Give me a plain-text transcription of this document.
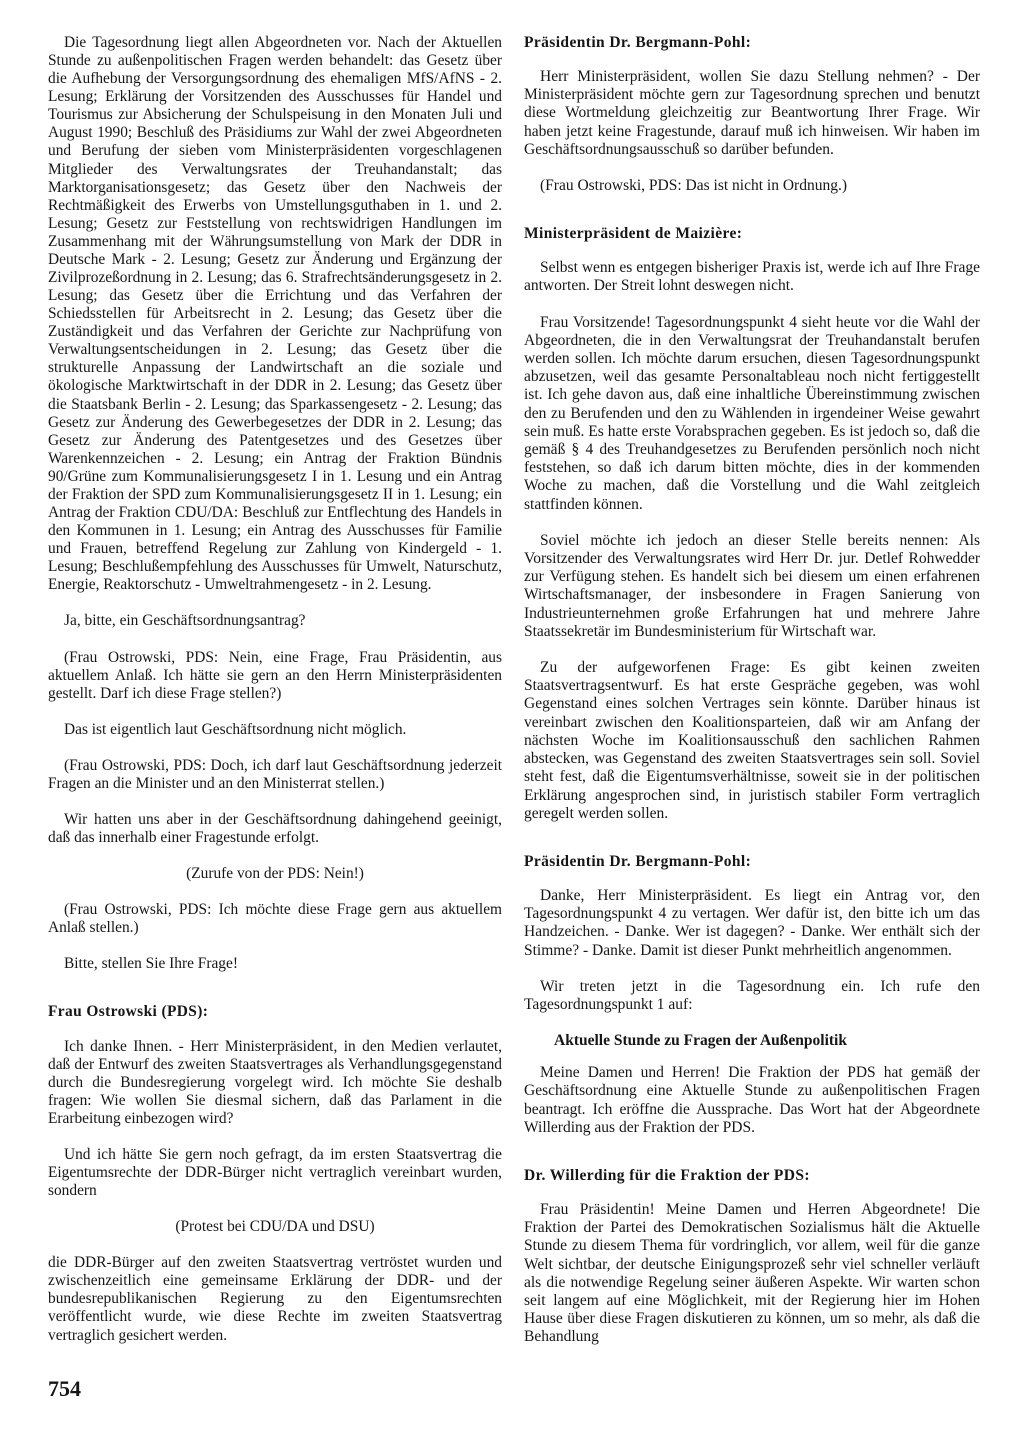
Die Tagesordnung liegt allen Abgeordneten vor. Nach der Aktuellen Stunde zu außenpolitischen Fragen werden behandelt: das Gesetz über die Aufhebung der Versorgungsordnung des ehemaligen MfS/AfNS - 2. Lesung; Erklärung der Vorsitzenden des Ausschusses für Handel und Tourismus zur Absicherung der Schulspeisung in den Monaten Juli und August 1990; Beschluß des Präsidiums zur Wahl der zwei Abgeordneten und Berufung der sieben vom Ministerpräsidenten vorgeschlagenen Mitglieder des Verwaltungsrates der Treuhandanstalt; das Marktorganisationsgesetz; das Gesetz über den Nachweis der Rechtmäßigkeit des Erwerbs von Umstellungsguthaben in 1. und 2. Lesung; Gesetz zur Feststellung von rechtswidrigen Handlungen im Zusammenhang mit der Währungsumstellung von Mark der DDR in Deutsche Mark - 2. Lesung; Gesetz zur Änderung und Ergänzung der Zivilprozeßordnung in 2. Lesung; das 6. Strafrechtsänderungsgesetz in 2. Lesung; das Gesetz über die Errichtung und das Verfahren der Schiedsstellen für Arbeitsrecht in 2. Lesung; das Gesetz über die Zuständigkeit und das Verfahren der Gerichte zur Nachprüfung von Verwaltungsentscheidungen in 2. Lesung; das Gesetz über die strukturelle Anpassung der Landwirtschaft an die soziale und ökologische Marktwirtschaft in der DDR in 2. Lesung; das Gesetz über die Staatsbank Berlin - 2. Lesung; das Sparkassengesetz - 2. Lesung; das Gesetz zur Änderung des Gewerbegesetzes der DDR in 2. Lesung; das Gesetz zur Änderung des Patentgesetzes und des Gesetzes über Warenkennzeichen - 2. Lesung; ein Antrag der Fraktion Bündnis 90/Grüne zum Kommunalisierungsgesetz I in 1. Lesung und ein Antrag der Fraktion der SPD zum Kommunalisierungsgesetz II in 1. Lesung; ein Antrag der Fraktion CDU/DA: Beschluß zur Entflechtung des Handels in den Kommunen in 1. Lesung; ein Antrag des Ausschusses für Familie und Frauen, betreffend Regelung zur Zahlung von Kindergeld - 1. Lesung; Beschlußempfehlung des Ausschusses für Umwelt, Naturschutz, Energie, Reaktorschutz - Umweltrahmengesetz - in 2. Lesung.

Ja, bitte, ein Geschäftsordnungsantrag?

(Frau Ostrowski, PDS: Nein, eine Frage, Frau Präsidentin, aus aktuellem Anlaß. Ich hätte sie gern an den Herrn Ministerpräsidenten gestellt. Darf ich diese Frage stellen?)

Das ist eigentlich laut Geschäftsordnung nicht möglich.

(Frau Ostrowski, PDS: Doch, ich darf laut Geschäftsordnung jederzeit Fragen an die Minister und an den Ministerrat stellen.)

Wir hatten uns aber in der Geschäftsordnung dahingehend geeinigt, daß das innerhalb einer Fragestunde erfolgt.

(Zurufe von der PDS: Nein!)

(Frau Ostrowski, PDS: Ich möchte diese Frage gern aus aktuellem Anlaß stellen.)

Bitte, stellen Sie Ihre Frage!

Frau Ostrowski (PDS):

Ich danke Ihnen. - Herr Ministerpräsident, in den Medien verlautet, daß der Entwurf des zweiten Staatsvertrages als Verhandlungsgegenstand durch die Bundesregierung vorgelegt wird. Ich möchte Sie deshalb fragen: Wie wollen Sie diesmal sichern, daß das Parlament in die Erarbeitung einbezogen wird?

Und ich hätte Sie gern noch gefragt, da im ersten Staatsvertrag die Eigentumsrechte der DDR-Bürger nicht vertraglich vereinbart wurden, sondern

(Protest bei CDU/DA und DSU)

die DDR-Bürger auf den zweiten Staatsvertrag vertröstet wurden und zwischenzeitlich eine gemeinsame Erklärung der DDR- und der bundesrepublikanischen Regierung zu den Eigentumsrechten veröffentlicht wurde, wie diese Rechte im zweiten Staatsvertrag vertraglich gesichert werden.

Präsidentin Dr. Bergmann-Pohl:

Herr Ministerpräsident, wollen Sie dazu Stellung nehmen? - Der Ministerpräsident möchte gern zur Tagesordnung sprechen und benutzt diese Wortmeldung gleichzeitig zur Beantwortung Ihrer Frage. Wir haben jetzt keine Fragestunde, darauf muß ich hinweisen. Wir haben im Geschäftsordnungsausschuß so darüber befunden.

(Frau Ostrowski, PDS: Das ist nicht in Ordnung.)

Ministerpräsident de Maizière:

Selbst wenn es entgegen bisheriger Praxis ist, werde ich auf Ihre Frage antworten. Der Streit lohnt deswegen nicht.

Frau Vorsitzende! Tagesordnungspunkt 4 sieht heute vor die Wahl der Abgeordneten, die in den Verwaltungsrat der Treuhandanstalt berufen werden sollen. Ich möchte darum ersuchen, diesen Tagesordnungspunkt abzusetzen, weil das gesamte Personaltableau noch nicht fertiggestellt ist. Ich gehe davon aus, daß eine inhaltliche Übereinstimmung zwischen den zu Berufenden und den zu Wählenden in irgendeiner Weise gewahrt sein muß. Es hatte erste Vorabsprachen gegeben. Es ist jedoch so, daß die gemäß § 4 des Treuhandgesetzes zu Berufenden persönlich noch nicht feststehen, so daß ich darum bitten möchte, dies in der kommenden Woche zu machen, daß die Vorstellung und die Wahl zeitgleich stattfinden können.

Soviel möchte ich jedoch an dieser Stelle bereits nennen: Als Vorsitzender des Verwaltungsrates wird Herr Dr. jur. Detlef Rohwedder zur Verfügung stehen. Es handelt sich bei diesem um einen erfahrenen Wirtschaftsmanager, der insbesondere in Fragen Sanierung von Industrieunternehmen große Erfahrungen hat und mehrere Jahre Staatssekretär im Bundesministerium für Wirtschaft war.

Zu der aufgeworfenen Frage: Es gibt keinen zweiten Staatsvertragsentwurf. Es hat erste Gespräche gegeben, was wohl Gegenstand eines solchen Vertrages sein könnte. Darüber hinaus ist vereinbart zwischen den Koalitionsparteien, daß wir am Anfang der nächsten Woche im Koalitionsausschuß den sachlichen Rahmen abstecken, was Gegenstand des zweiten Staatsvertrages sein soll. Soviel steht fest, daß die Eigentumsverhältnisse, soweit sie in der politischen Erklärung angesprochen sind, in juristisch stabiler Form vertraglich geregelt werden sollen.

Präsidentin Dr. Bergmann-Pohl:

Danke, Herr Ministerpräsident. Es liegt ein Antrag vor, den Tagesordnungspunkt 4 zu vertagen. Wer dafür ist, den bitte ich um das Handzeichen. - Danke. Wer ist dagegen? - Danke. Wer enthält sich der Stimme? - Danke. Damit ist dieser Punkt mehrheitlich angenommen.

Wir treten jetzt in die Tagesordnung ein. Ich rufe den Tagesordnungspunkt 1 auf:

Aktuelle Stunde zu Fragen der Außenpolitik

Meine Damen und Herren! Die Fraktion der PDS hat gemäß der Geschäftsordnung eine Aktuelle Stunde zu außenpolitischen Fragen beantragt. Ich eröffne die Aussprache. Das Wort hat der Abgeordnete Willerding aus der Fraktion der PDS.

Dr. Willerding für die Fraktion der PDS:

Frau Präsidentin! Meine Damen und Herren Abgeordnete! Die Fraktion der Partei des Demokratischen Sozialismus hält die Aktuelle Stunde zu diesem Thema für vordringlich, vor allem, weil für die ganze Welt sichtbar, der deutsche Einigungsprozeß sehr viel schneller verläuft als die notwendige Regelung seiner äußeren Aspekte. Wir warten schon seit langem auf eine Möglichkeit, mit der Regierung hier im Hohen Hause über diese Fragen diskutieren zu können, um so mehr, als daß die Behandlung

754
